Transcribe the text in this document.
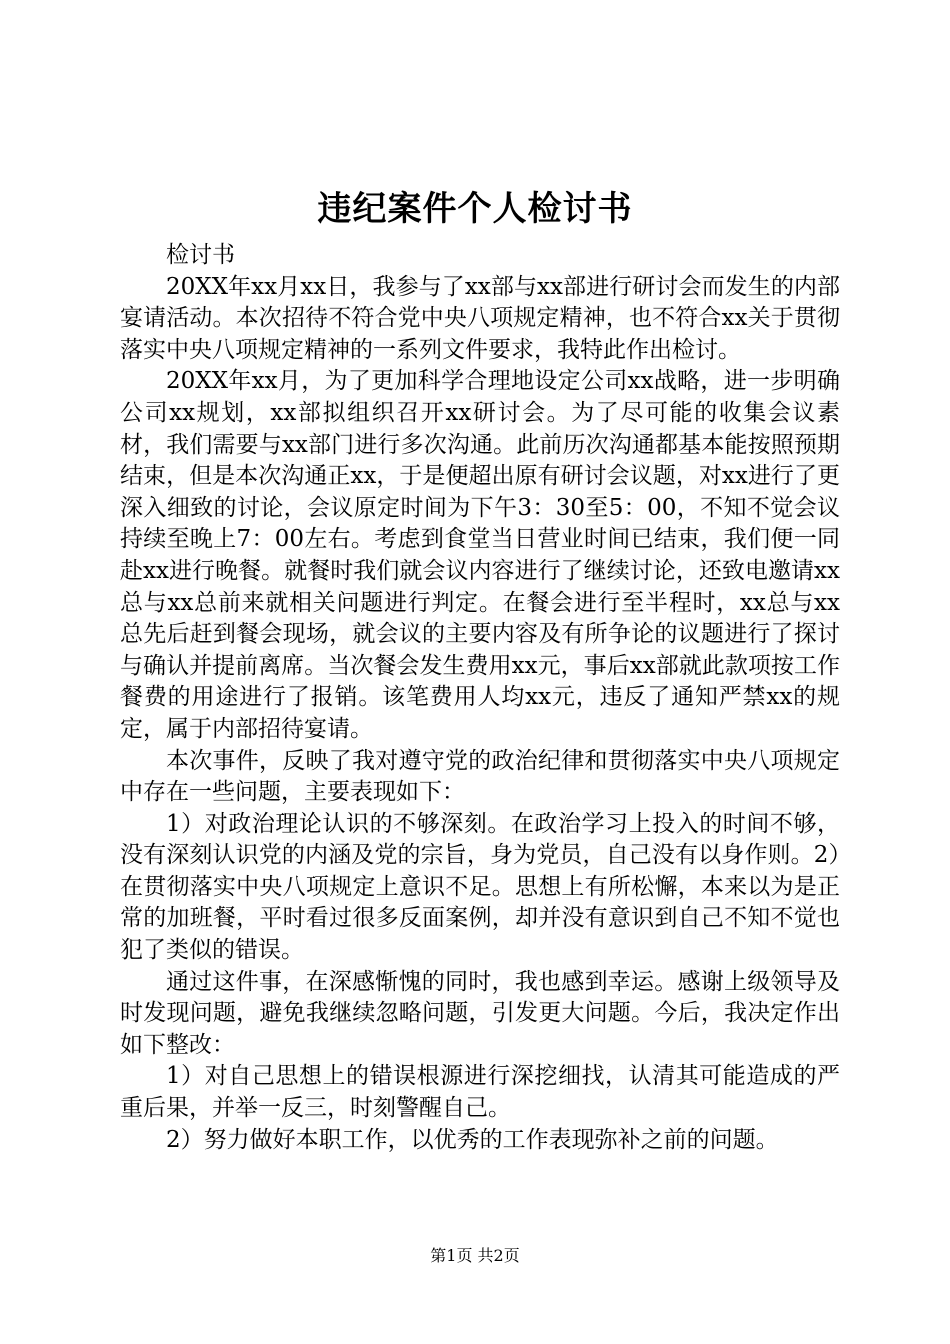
违纪案件个人检讨书

检讨书

20XX年xx月xx日，我参与了xx部与xx部进行研讨会而发生的内部宴请活动。本次招待不符合党中央八项规定精神，也不符合xx关于贯彻落实中央八项规定精神的一系列文件要求，我特此作出检讨。

20XX年xx月，为了更加科学合理地设定公司xx战略，进一步明确公司xx规划，xx部拟组织召开xx研讨会。为了尽可能的收集会议素材，我们需要与xx部门进行多次沟通。此前历次沟通都基本能按照预期结束，但是本次沟通正xx，于是便超出原有研讨会议题，对xx进行了更深入细致的讨论，会议原定时间为下午3：30至5：00，不知不觉会议持续至晚上7：00左右。考虑到食堂当日营业时间已结束，我们便一同赴xx进行晚餐。就餐时我们就会议内容进行了继续讨论，还致电邀请xx总与xx总前来就相关问题进行判定。在餐会进行至半程时，xx总与xx总先后赶到餐会现场，就会议的主要内容及有所争论的议题进行了探讨与确认并提前离席。当次餐会发生费用xx元，事后xx部就此款项按工作餐费的用途进行了报销。该笔费用人均xx元，违反了通知严禁xx的规定，属于内部招待宴请。

本次事件，反映了我对遵守党的政治纪律和贯彻落实中央八项规定中存在一些问题，主要表现如下：

1）对政治理论认识的不够深刻。在政治学习上投入的时间不够，没有深刻认识党的内涵及党的宗旨，身为党员，自己没有以身作则。2）在贯彻落实中央八项规定上意识不足。思想上有所松懈，本来以为是正常的加班餐，平时看过很多反面案例，却并没有意识到自己不知不觉也犯了类似的错误。

通过这件事，在深感惭愧的同时，我也感到幸运。感谢上级领导及时发现问题，避免我继续忽略问题，引发更大问题。今后，我决定作出如下整改：

1）对自己思想上的错误根源进行深挖细找，认清其可能造成的严重后果，并举一反三，时刻警醒自己。

2）努力做好本职工作，以优秀的工作表现弥补之前的问题。

第1页 共2页
